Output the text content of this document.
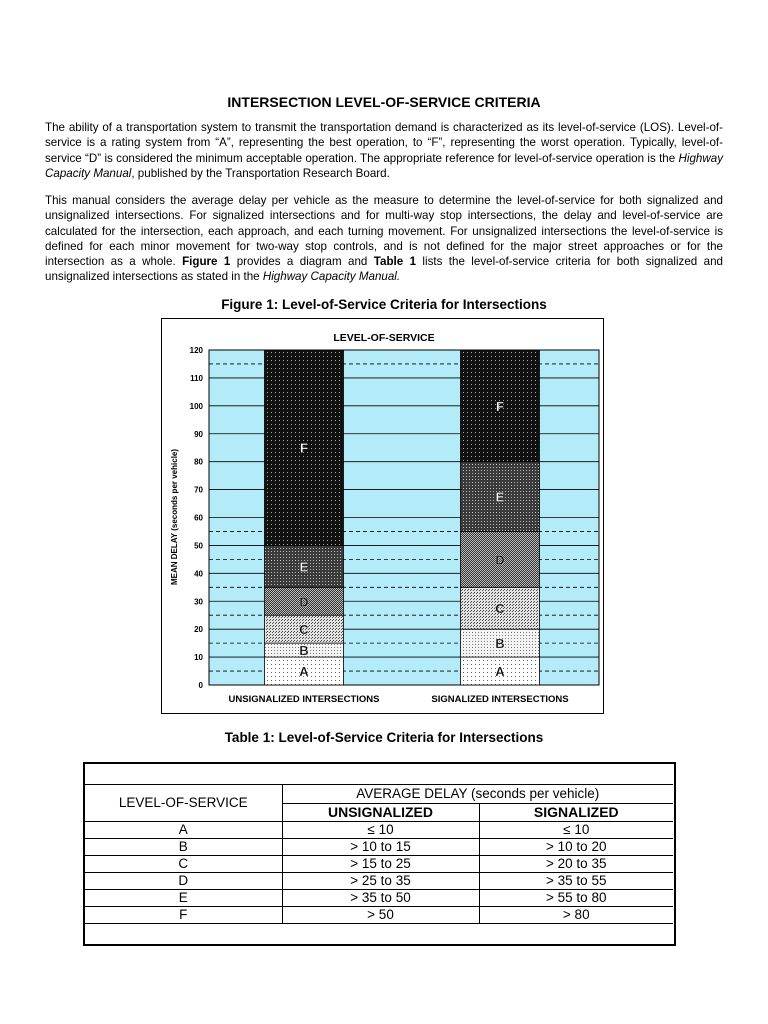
INTERSECTION LEVEL-OF-SERVICE CRITERIA

The ability of a transportation system to transmit the transportation demand is characterized as its level-of-service (LOS). Level-of-service is a rating system from “A”, representing the best operation, to “F”, representing the worst operation. Typically, level-of-service “D” is considered the minimum acceptable operation. The appropriate reference for level-of-service operation is the Highway Capacity Manual, published by the Transportation Research Board.

This manual considers the average delay per vehicle as the measure to determine the level-of-service for both signalized and unsignalized intersections. For signalized intersections and for multi-way stop intersections, the delay and level-of-service are calculated for the intersection, each approach, and each turning movement. For unsignalized intersections the level-of-service is defined for each minor movement for two-way stop controls, and is not defined for the major street approaches or for the intersection as a whole. Figure 1 provides a diagram and Table 1 lists the level-of-service criteria for both signalized and unsignalized intersections as stated in the Highway Capacity Manual.

Figure 1: Level-of-Service Criteria for Intersections
A
B
C
D
E
F
A
B
C
D
E
F
0
10
20
30
40
50
60
70
80
90
100
110
120
LEVEL-OF-SERVICE
MEAN DELAY (seconds per vehicle)
UNSIGNALIZED INTERSECTIONS	SIGNALIZED INTERSECTIONS
Table 1: Level-of-Service Criteria for Intersections
LEVEL-OF-SERVICE	AVERAGE DELAY (seconds per vehicle)	
	UNSIGNALIZED	SIGNALIZED
A	≤ 10	≤ 10
B	> 10 to 15	> 10 to 20
C	> 15 to 25	> 20 to 35
D	> 25 to 35	> 35 to 55
E	> 35 to 50	> 55 to 80
F	> 50	> 80
